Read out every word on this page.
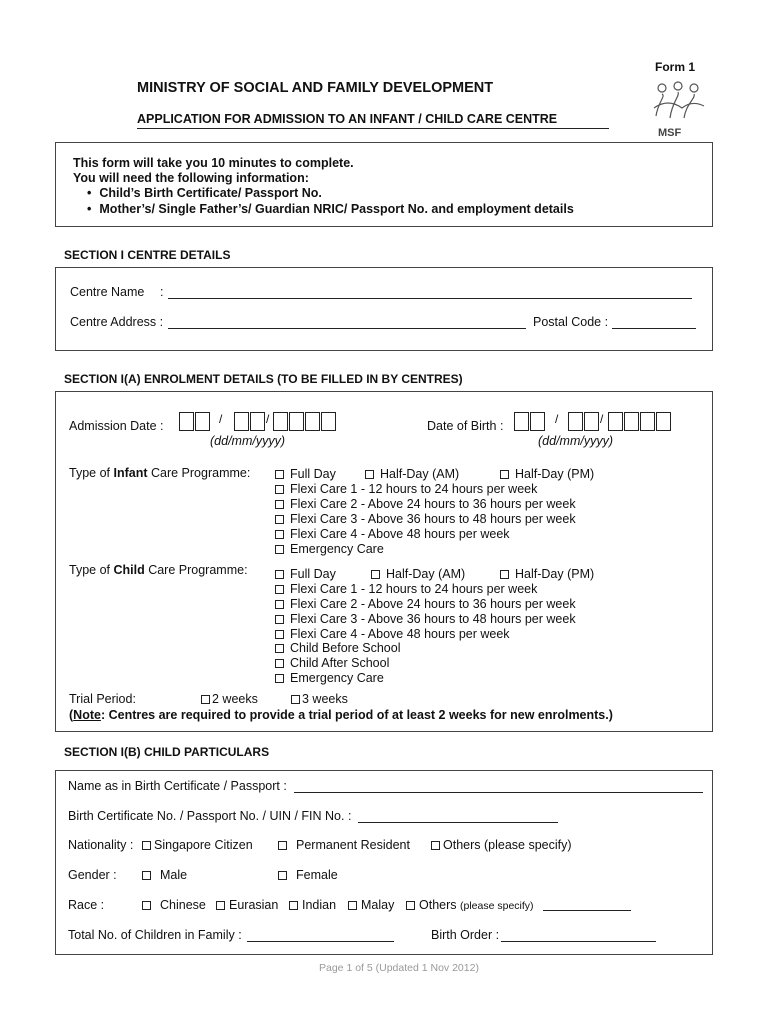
Form 1
MINISTRY OF SOCIAL AND FAMILY DEVELOPMENT
APPLICATION FOR ADMISSION TO AN INFANT / CHILD CARE CENTRE
MSF
This form will take you 10 minutes to complete.
You will need the following information:
• Child’s Birth Certificate/ Passport No.
• Mother’s/ Single Father’s/ Guardian NRIC/ Passport No. and employment details
SECTION I CENTRE DETAILS
Centre Name :
Centre Address :	Postal Code :
SECTION I(A) ENROLMENT DETAILS (TO BE FILLED IN BY CENTRES)
Admission Date :	/	/
(dd/mm/yyyy)
Date of Birth :	/	/
(dd/mm/yyyy)
Type of Infant Care Programme:	Full Day	Half-Day (AM)	Half-Day (PM)
Flexi Care 1 - 12 hours to 24 hours per week
Flexi Care 2 - Above 24 hours to 36 hours per week
Flexi Care 3 - Above 36 hours to 48 hours per week
Flexi Care 4 - Above 48 hours per week
Emergency Care
Type of Child Care Programme:	Full Day	Half-Day (AM)	Half-Day (PM)
Flexi Care 1 - 12 hours to 24 hours per week
Flexi Care 2 - Above 24 hours to 36 hours per week
Flexi Care 3 - Above 36 hours to 48 hours per week
Flexi Care 4 - Above 48 hours per week
Child Before School
Child After School
Emergency Care
Trial Period:	2 weeks	3 weeks
(Note: Centres are required to provide a trial period of at least 2 weeks for new enrolments.)
SECTION I(B) CHILD PARTICULARS
Name as in Birth Certificate / Passport :
Birth Certificate No. / Passport No. / UIN / FIN No. :
Nationality :	Singapore Citizen	Permanent Resident	Others (please specify)
Gender :	Male	Female
Race :	Chinese	Eurasian	Indian	Malay	Others (please specify)
Total No. of Children in Family :	Birth Order :
Page 1 of 5 (Updated 1 Nov 2012)
